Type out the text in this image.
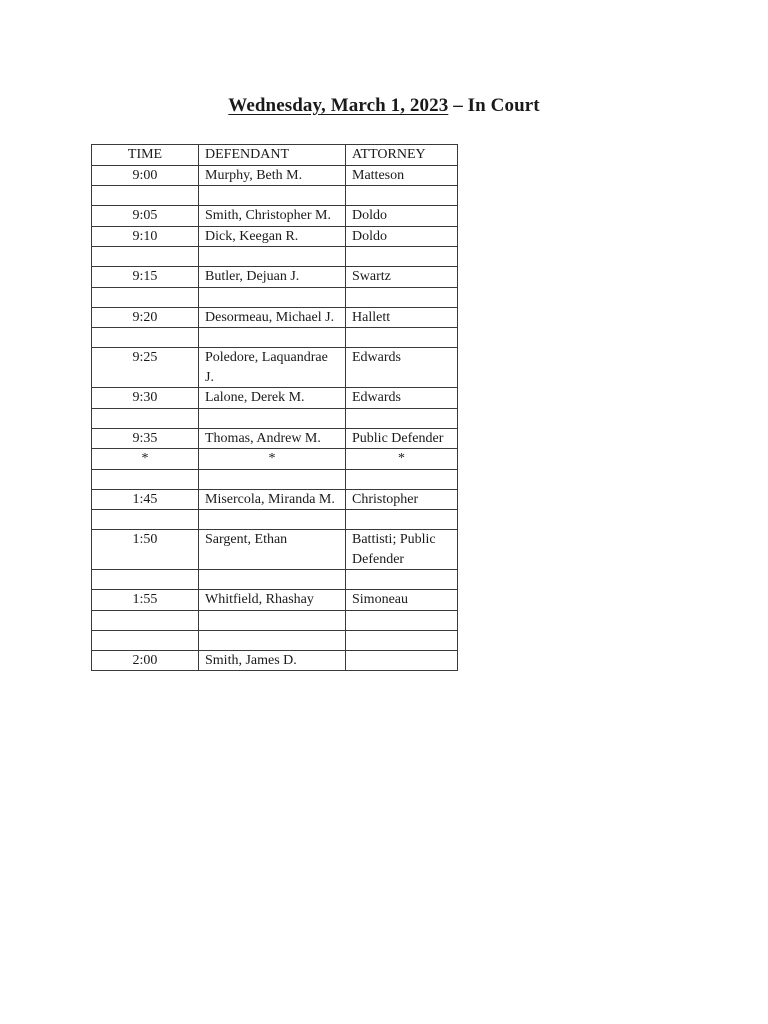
Wednesday, March 1, 2023 – In Court
TIME	DEFENDANT	ATTORNEY
9:00	Murphy, Beth M.	Matteson

9:05	Smith, Christopher M.	Doldo
9:10	Dick, Keegan R.	Doldo

9:15	Butler, Dejuan J.	Swartz

9:20	Desormeau, Michael J.	Hallett

9:25	Poledore, Laquandrae J.	Edwards
9:30	Lalone, Derek M.	Edwards

9:35	Thomas, Andrew M.	Public Defender
*	*	*

1:45	Misercola, Miranda M.	Christopher

1:50	Sargent, Ethan	Battisti; Public Defender

1:55	Whitfield, Rhashay	Simoneau

2:00	Smith, James D.	
